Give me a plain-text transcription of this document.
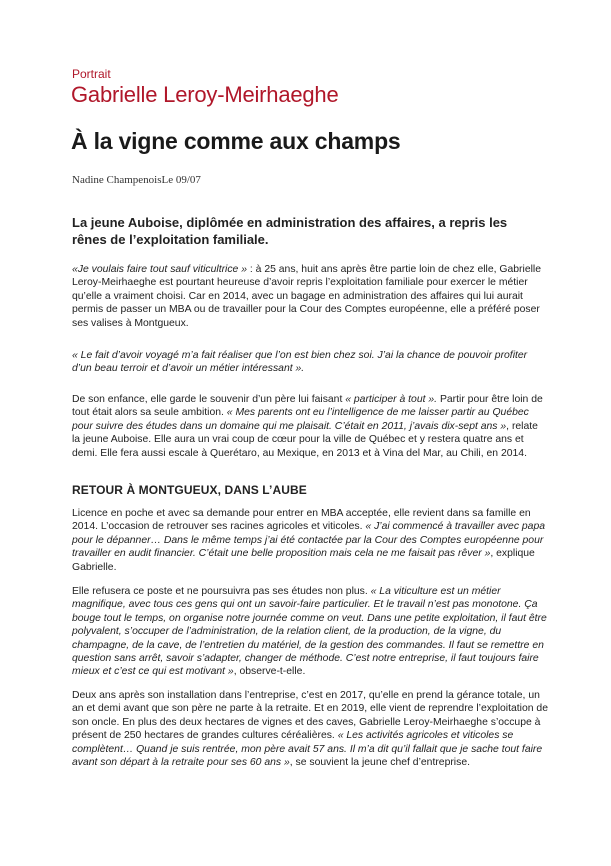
Portrait

Gabrielle Leroy-Meirhaeghe
À la vigne comme aux champs
Nadine ChampenoisLe 09/07

La jeune Auboise, diplômée en administration des affaires, a repris les rênes de l’exploitation familiale.

«Je voulais faire tout sauf viticultrice » : à 25 ans, huit ans après être partie loin de chez elle, Gabrielle Leroy-Meirhaeghe est pourtant heureuse d’avoir repris l’exploitation familiale pour exercer le métier qu’elle a vraiment choisi. Car en 2014, avec un bagage en administration des affaires qui lui aurait permis de passer un MBA ou de travailler pour la Cour des Comptes européenne, elle a préféré poser ses valises à Montgueux.

« Le fait d’avoir voyagé m’a fait réaliser que l’on est bien chez soi. J’ai la chance de pouvoir profiter d’un beau terroir et d’avoir un métier intéressant ».

De son enfance, elle garde le souvenir d’un père lui faisant « participer à tout ». Partir pour être loin de tout était alors sa seule ambition. « Mes parents ont eu l’intelligence de me laisser partir au Québec pour suivre des études dans un domaine qui me plaisait. C’était en 2011, j’avais dix-sept ans », relate la jeune Auboise. Elle aura un vrai coup de cœur pour la ville de Québec et y restera quatre ans et demi. Elle fera aussi escale à Querétaro, au Mexique, en 2013 et à Vina del Mar, au Chili, en 2014.

RETOUR À MONTGUEUX, DANS L’AUBE

Licence en poche et avec sa demande pour entrer en MBA acceptée, elle revient dans sa famille en 2014. L’occasion de retrouver ses racines agricoles et viticoles. « J’ai commencé à travailler avec papa pour le dépanner… Dans le même temps j’ai été contactée par la Cour des Comptes européenne pour travailler en audit financier. C’était une belle proposition mais cela ne me faisait pas rêver », explique Gabrielle.

Elle refusera ce poste et ne poursuivra pas ses études non plus. « La viticulture est un métier magnifique, avec tous ces gens qui ont un savoir-faire particulier. Et le travail n’est pas monotone. Ça bouge tout le temps, on organise notre journée comme on veut. Dans une petite exploitation, il faut être polyvalent, s’occuper de l’administration, de la relation client, de la production, de la vigne, du champagne, de la cave, de l’entretien du matériel, de la gestion des commandes. Il faut se remettre en question sans arrêt, savoir s’adapter, changer de méthode. C’est notre entreprise, il faut toujours faire mieux et c’est ce qui est motivant », observe-t-elle.

Deux ans après son installation dans l’entreprise, c’est en 2017, qu’elle en prend la gérance totale, un an et demi avant que son père ne parte à la retraite. Et en 2019, elle vient de reprendre l’exploitation de son oncle. En plus des deux hectares de vignes et des caves, Gabrielle Leroy-Meirhaeghe s’occupe à présent de 250 hectares de grandes cultures céréalières. « Les activités agricoles et viticoles se complètent… Quand je suis rentrée, mon père avait 57 ans. Il m’a dit qu’il fallait que je sache tout faire avant son départ à la retraite pour ses 60 ans », se souvient la jeune chef d’entreprise.
